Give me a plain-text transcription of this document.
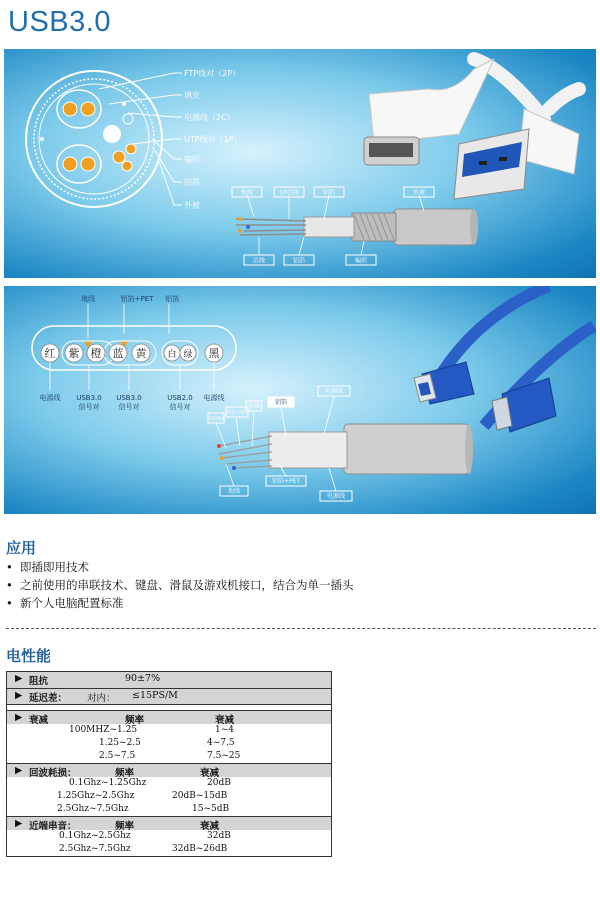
USB3.0
FTP线对（2P）
填充
电源线（2C）
UTP线对（1P）
编织
铝箔
外被
地线	1P芯线	铝箔	外被
芯线	铝箔	编织
地线	铝箔+PET 铝箔
红 紫 橙 蓝 黄 白 绿 黑
电源线 USB3.0 信号对
USB3.0 信号对
USB2.0 信号对
电源线
屏蔽地线
铝箔+PET
地线
铝箔
电源线
地线
铝箔+PET
电源线
应用
• 即插即用技术
• 之前使用的串联技术、键盘、滑鼠及游戏机接口，结合为单一插头
• 新个人电脑配置标准
电性能
▶ 阻抗	90±7%
▶ 延迟差： 对内： ≤15PS/M
▶ 衰减	频率	衰减
100MHZ~1.25	1~4
1.25~2.5	4~7.5
2.5~7.5	7.5~25
▶ 回波耗损：	频率	衰减
0.1Ghz~1.25Ghz	20dB
1.25Ghz~2.5Ghz	20dB~15dB
2.5Ghz~7.5Ghz	15~5dB
▶ 近端串音：	频率	衰减
0.1Ghz~2.5Ghz	32dB
2.5Ghz~7.5Ghz	32dB~26dB
